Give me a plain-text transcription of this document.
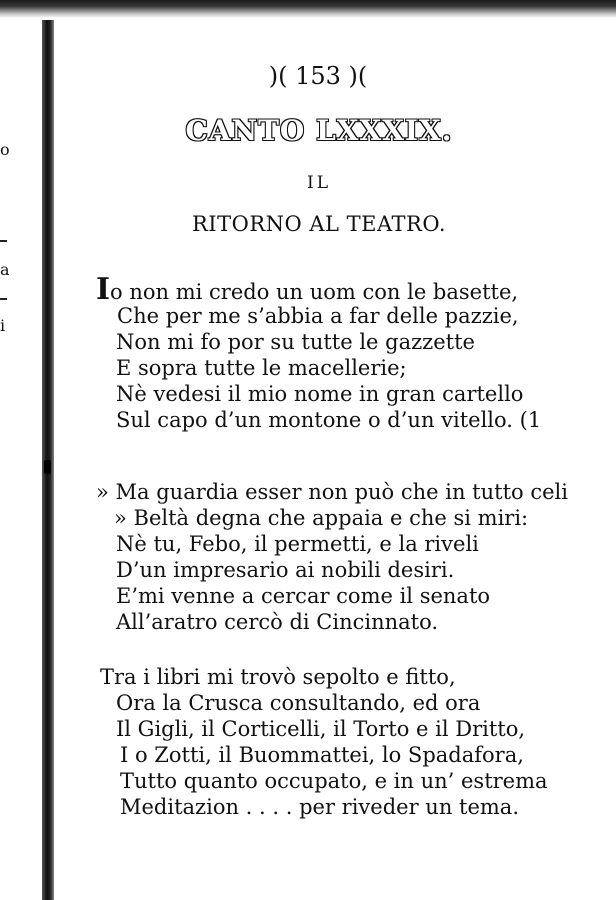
o
a
i
)( 153 )(
CANTO LXXXIX.
IL
RITORNO AL TEATRO.
Io non mi credo un uom con le basette,
Che per me s’abbia a far delle pazzie,
Non mi fo por su tutte le gazzette
E sopra tutte le macellerie;
Nè vedesi il mio nome in gran cartello
Sul capo d’un montone o d’un vitello. (1
» Ma guardia esser non può che in tutto celi
» Beltà degna che appaia e che si miri:
Nè tu, Febo, il permetti, e la riveli
D’un impresario ai nobili desiri.
E’mi venne a cercar come il senato
All’aratro cercò di Cincinnato.
Tra i libri mi trovò sepolto e fitto,
Ora la Crusca consultando, ed ora
Il Gigli, il Corticelli, il Torto e il Dritto,
I o Zotti, il Buommattei, lo Spadafora,
Tutto quanto occupato, e in un’ estrema
Meditazion . . . . per riveder un tema.
